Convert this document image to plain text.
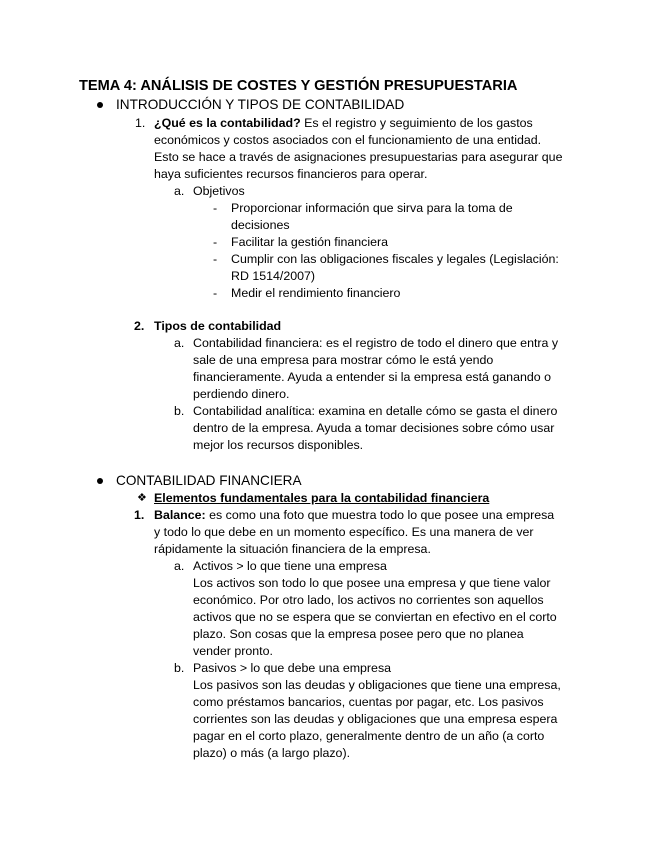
TEMA 4: ANÁLISIS DE COSTES Y GESTIÓN PRESUPUESTARIA
INTRODUCCIÓN Y TIPOS DE CONTABILIDAD
1. ¿Qué es la contabilidad? Es el registro y seguimiento de los gastos
económicos y costos asociados con el funcionamiento de una entidad.
Esto se hace a través de asignaciones presupuestarias para asegurar que
haya suficientes recursos financieros para operar.
a. Objetivos
- Proporcionar información que sirva para la toma de
decisiones
- Facilitar la gestión financiera
- Cumplir con las obligaciones fiscales y legales (Legislación:
RD 1514/2007)
- Medir el rendimiento financiero
2. Tipos de contabilidad
a. Contabilidad financiera: es el registro de todo el dinero que entra y
sale de una empresa para mostrar cómo le está yendo
financieramente. Ayuda a entender si la empresa está ganando o
perdiendo dinero.
b. Contabilidad analítica: examina en detalle cómo se gasta el dinero
dentro de la empresa. Ayuda a tomar decisiones sobre cómo usar
mejor los recursos disponibles.
CONTABILIDAD FINANCIERA
❖ Elementos fundamentales para la contabilidad financiera
1. Balance: es como una foto que muestra todo lo que posee una empresa
y todo lo que debe en un momento específico. Es una manera de ver
rápidamente la situación financiera de la empresa.
a. Activos > lo que tiene una empresa
Los activos son todo lo que posee una empresa y que tiene valor
económico. Por otro lado, los activos no corrientes son aquellos
activos que no se espera que se conviertan en efectivo en el corto
plazo. Son cosas que la empresa posee pero que no planea
vender pronto.
b. Pasivos > lo que debe una empresa
Los pasivos son las deudas y obligaciones que tiene una empresa,
como préstamos bancarios, cuentas por pagar, etc. Los pasivos
corrientes son las deudas y obligaciones que una empresa espera
pagar en el corto plazo, generalmente dentro de un año (a corto
plazo) o más (a largo plazo).
